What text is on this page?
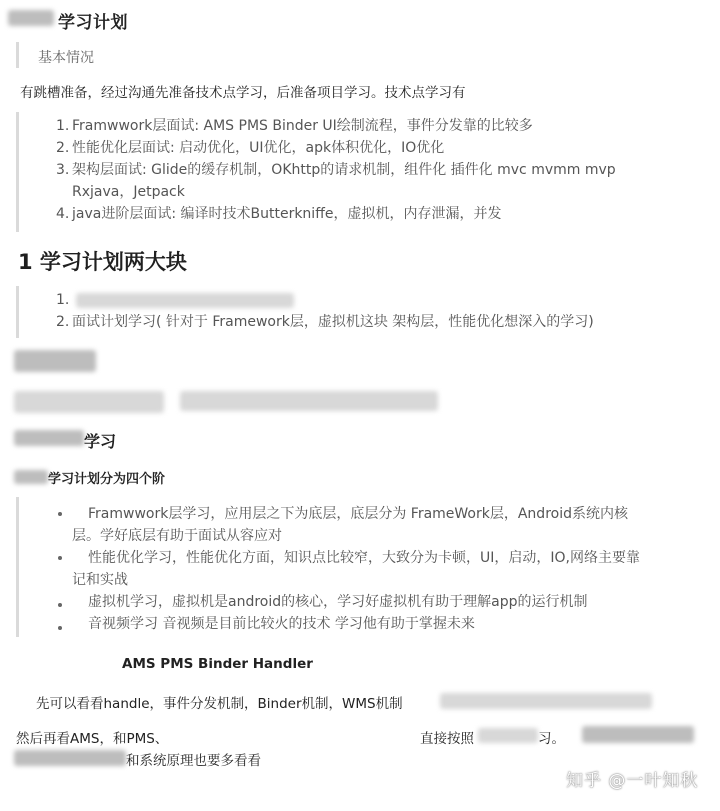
学习计划
基本情况
有跳槽准备，经过沟通先准备技术点学习，后准备项目学习。技术点学习有
1. Framwwork层面试: AMS PMS Binder UI绘制流程，事件分发靠的比较多
2. 性能优化层面试: 启动优化，UI优化，apk体积优化，IO优化
3. 架构层面试: Glide的缓存机制，OKhttp的请求机制，组件化 插件化 mvc mvmm mvp
Rxjava，Jetpack
4. java进阶层面试: 编译时技术Butterkniffe，虚拟机，内存泄漏，并发
1 学习计划两大块
1.
2. 面试计划学习( 针对于 Framework层，虚拟机这块 架构层，性能优化想深入的学习)
学习
学习计划分为四个阶
Framwwork层学习，应用层之下为底层，底层分为 FrameWork层，Android系统内核
层。学好底层有助于面试从容应对
性能优化学习，性能优化方面，知识点比较窄，大致分为卡顿，UI，启动，IO,网络主要靠
记和实战
虚拟机学习，虚拟机是android的核心，学习好虚拟机有助于理解app的运行机制
音视频学习 音视频是目前比较火的技术 学习他有助于掌握未来
AMS PMS Binder Handler
先可以看看handle，事件分发机制，Binder机制，WMS机制
然后再看AMS，和PMS、	直接按照	习。
和系统原理也要多看看
知乎 @一叶知秋
